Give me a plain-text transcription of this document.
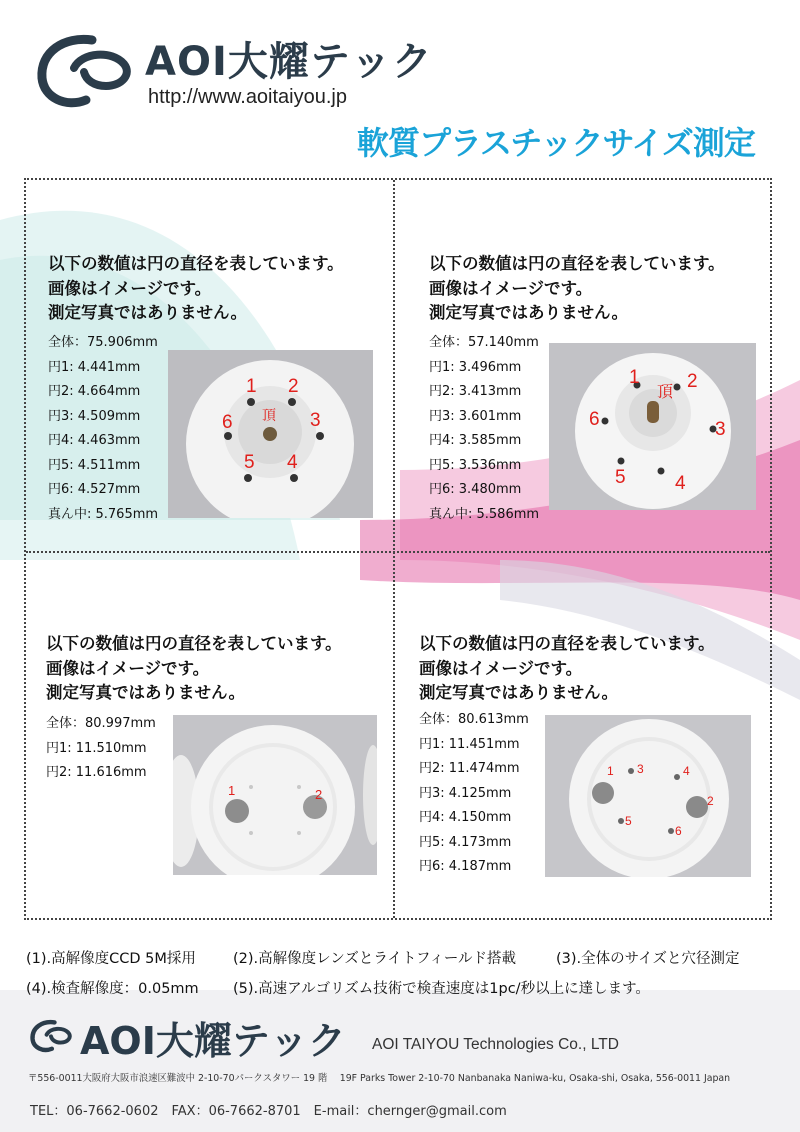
AOI大耀テック
http://www.aoitaiyou.jp
軟質プラスチックサイズ測定
以下の数値は円の直径を表しています。
画像はイメージです。
測定写真ではありません。
全体：75.906mm
円1: 4.441mm
円2: 4.664mm
円3: 4.509mm
円4: 4.463mm
円5: 4.511mm
円6: 4.527mm
真ん中: 5.765mm
1 2
3
4
5
6 頂
以下の数値は円の直径を表しています。
画像はイメージです。
測定写真ではありません。
全体：57.140mm
円1: 3.496mm
円2: 3.413mm
円3: 3.601mm
円4: 3.585mm
円5: 3.536mm
円6: 3.480mm
真ん中: 5.586mm
1 2
3
4
5
6
頂
以下の数値は円の直径を表しています。
画像はイメージです。
測定写真ではありません。
全体：80.997mm
円1: 11.510mm
円2: 11.616mm
1	2
以下の数値は円の直径を表しています。
画像はイメージです。
測定写真ではありません。
全体：80.613mm
円1: 11.451mm
円2: 11.474mm
円3: 4.125mm
円4: 4.150mm
円5: 4.173mm
円6: 4.187mm
1
2
3	4
5
6
(1).高解像度CCD 5M採用	(2).高解像度レンズとライトフィールド搭載	(3).全体のサイズと穴径測定
(4).検査解像度：0.05mm (5).高速アルゴリズム技術で検査速度は1pc/秒以上に達します。
AOI大耀テック AOI TAIYOU Technologies Co., LTD
〒556-0011大阪府大阪市浪速区難波中 2-10-70パークスタワー 19 階　 19F Parks Tower 2-10-70 Nanbanaka Naniwa-ku, Osaka-shi, Osaka, 556-0011 Japan
TEL：06-7662-0602　FAX：06-7662-8701　E-mail：chernger@gmail.com
